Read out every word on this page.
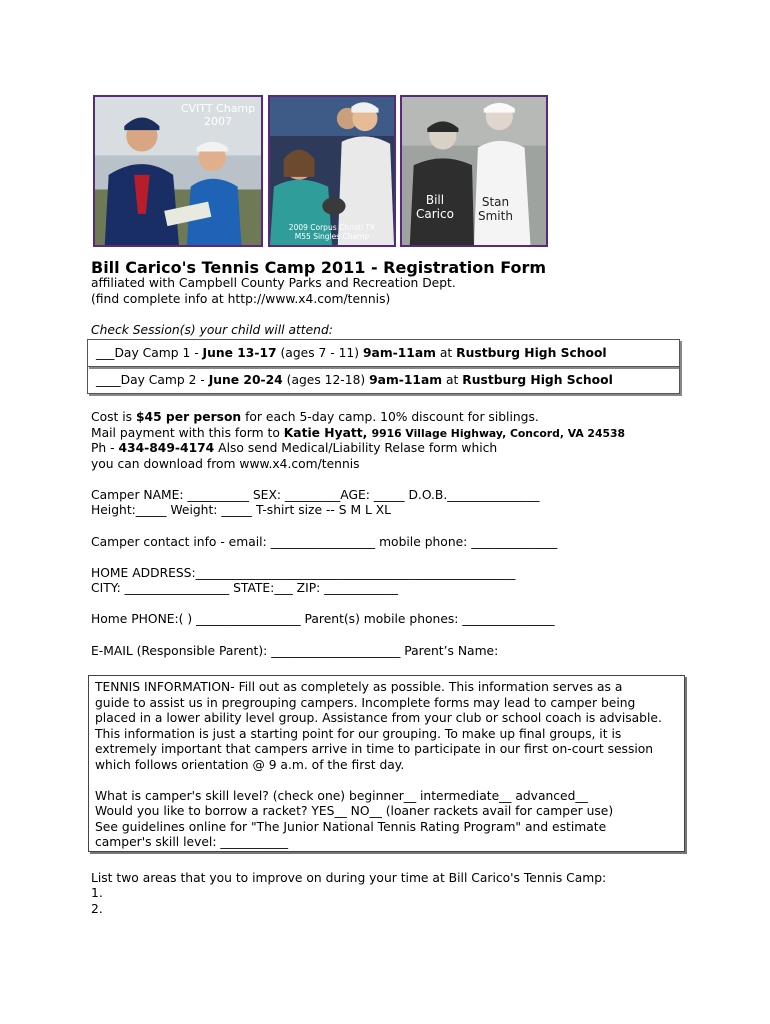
CVITT Champ
2007
2009 Corpus Christi TX
M55 Singles Champ
Bill
Carico
Stan
Smith
Bill Carico's Tennis Camp 2011 - Registration Form
affiliated with Campbell County Parks and Recreation Dept.
(find complete info at http://www.x4.com/tennis)
Check Session(s) your child will attend:
___Day Camp 1 - June 13-17 (ages 7 - 11) 9am-11am at Rustburg High School
____Day Camp 2 - June 20-24 (ages 12-18) 9am-11am at Rustburg High School
Cost is $45 per person for each 5-day camp. 10% discount for siblings.
Mail payment with this form to Katie Hyatt, 9916 Village Highway, Concord, VA 24538
Ph - 434-849-4174 Also send Medical/Liability Relase form which
you can download from www.x4.com/tennis
Camper NAME: __________ SEX: _________AGE: _____ D.O.B._______________
Height:_____ Weight: _____ T-shirt size -- S M L XL
Camper contact info - email: _________________ mobile phone: ______________
HOME ADDRESS:____________________________________________________
CITY: _________________ STATE:___ ZIP: ____________
Home PHONE:( ) _________________ Parent(s) mobile phones: _______________
E-MAIL (Responsible Parent): _____________________ Parent’s Name:
TENNIS INFORMATION- Fill out as completely as possible. This information serves as a
guide to assist us in pregrouping campers. Incomplete forms may lead to camper being
placed in a lower ability level group. Assistance from your club or school coach is advisable.
This information is just a starting point for our grouping. To make up final groups, it is
extremely important that campers arrive in time to participate in our first on-court session
which follows orientation @ 9 a.m. of the first day.
What is camper's skill level? (check one) beginner__ intermediate__ advanced__
Would you like to borrow a racket? YES__ NO__ (loaner rackets avail for camper use)
See guidelines online for "The Junior National Tennis Rating Program" and estimate
camper's skill level: ___________
List two areas that you to improve on during your time at Bill Carico's Tennis Camp:
1.
2.
